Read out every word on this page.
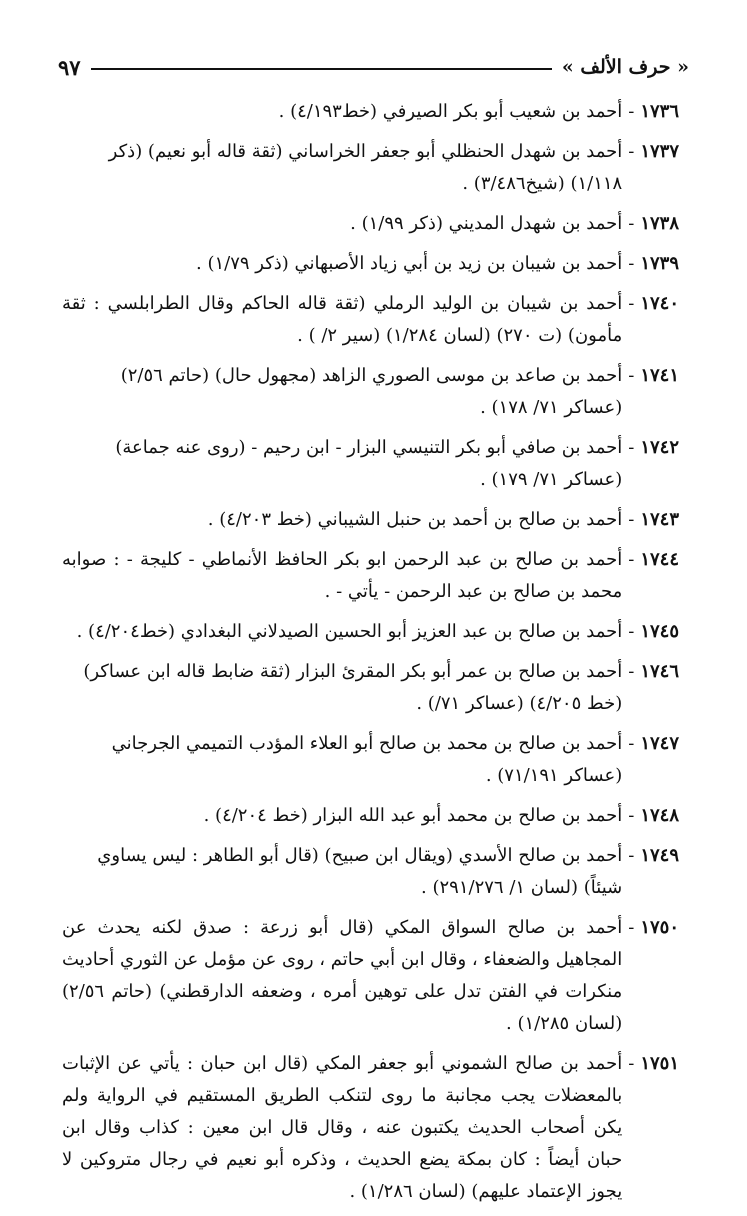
٩٧	« حرف الألف »
١٧٣٦
-
أحمد بن شعيب أبو بكر الصيرفي (خط٤/١٩٣) .
١٧٣٧
-
أحمد بن شهدل الحنظلي أبو جعفر الخراساني (ثقة قاله أبو نعيم) (ذكر ١/١١٨) (شيخ٣/٤٨٦) .
١٧٣٨
-
أحمد بن شهدل المديني (ذكر ١/٩٩) .
١٧٣٩
-
أحمد بن شيبان بن زيد بن أبي زياد الأصبهاني (ذكر ١/٧٩) .
١٧٤٠
-
أحمد بن شيبان بن الوليد الرملي (ثقة قاله الحاكم وقال الطرابلسي : ثقة مأمون) (ت ٢٧٠) (لسان ١/٢٨٤) (سير ٢/ ) .
١٧٤١
-
أحمد بن صاعد بن موسى الصوري الزاهد (مجهول حال) (حاتم ٢/٥٦) (عساكر ٧١/ ١٧٨) .
١٧٤٢
-
أحمد بن صافي أبو بكر التنيسي البزار - ابن رحيم - (روى عنه جماعة) (عساكر ٧١/ ١٧٩) .
١٧٤٣
-
أحمد بن صالح بن أحمد بن حنبل الشيباني (خط ٤/٢٠٣) .
١٧٤٤
-
أحمد بن صالح بن عبد الرحمن ابو بكر الحافظ الأنماطي - كليجة - : صوابه محمد بن صالح بن عبد الرحمن - يأتي - .
١٧٤٥
-
أحمد بن صالح بن عبد العزيز أبو الحسين الصيدلاني البغدادي (خط٤/٢٠٤) .
١٧٤٦
-
أحمد بن صالح بن عمر أبو بكر المقرئ البزار (ثقة ضابط قاله ابن عساكر) (خط ٤/٢٠٥) (عساكر ٧١/) .
١٧٤٧
-
أحمد بن صالح بن محمد بن صالح أبو العلاء المؤدب التميمي الجرجاني (عساكر ٧١/١٩١) .
١٧٤٨
-
أحمد بن صالح بن محمد أبو عبد الله البزار (خط ٤/٢٠٤) .
١٧٤٩
-
أحمد بن صالح الأسدي (ويقال ابن صبيح) (قال أبو الطاهر : ليس يساوي شيئاً) (لسان ١/ ٢٩١/٢٧٦) .
١٧٥٠
-
أحمد بن صالح السواق المكي (قال أبو زرعة : صدق لكنه يحدث عن المجاهيل والضعفاء ، وقال ابن أبي حاتم ، روى عن مؤمل عن الثوري أحاديث منكرات في الفتن تدل على توهين أمره ، وضعفه الدارقطني) (حاتم ٢/٥٦) (لسان ١/٢٨٥) .
١٧٥١
-
أحمد بن صالح الشموني أبو جعفر المكي (قال ابن حبان : يأتي عن الإثبات بالمعضلات يجب مجانبة ما روى لتنكب الطريق المستقيم في الرواية ولم يكن أصحاب الحديث يكتبون عنه ، وقال قال ابن معين : كذاب وقال ابن حبان أيضاً : كان بمكة يضع الحديث ، وذكره أبو نعيم في رجال متروكين لا يجوز الإعتماد عليهم) (لسان ١/٢٨٦) .
